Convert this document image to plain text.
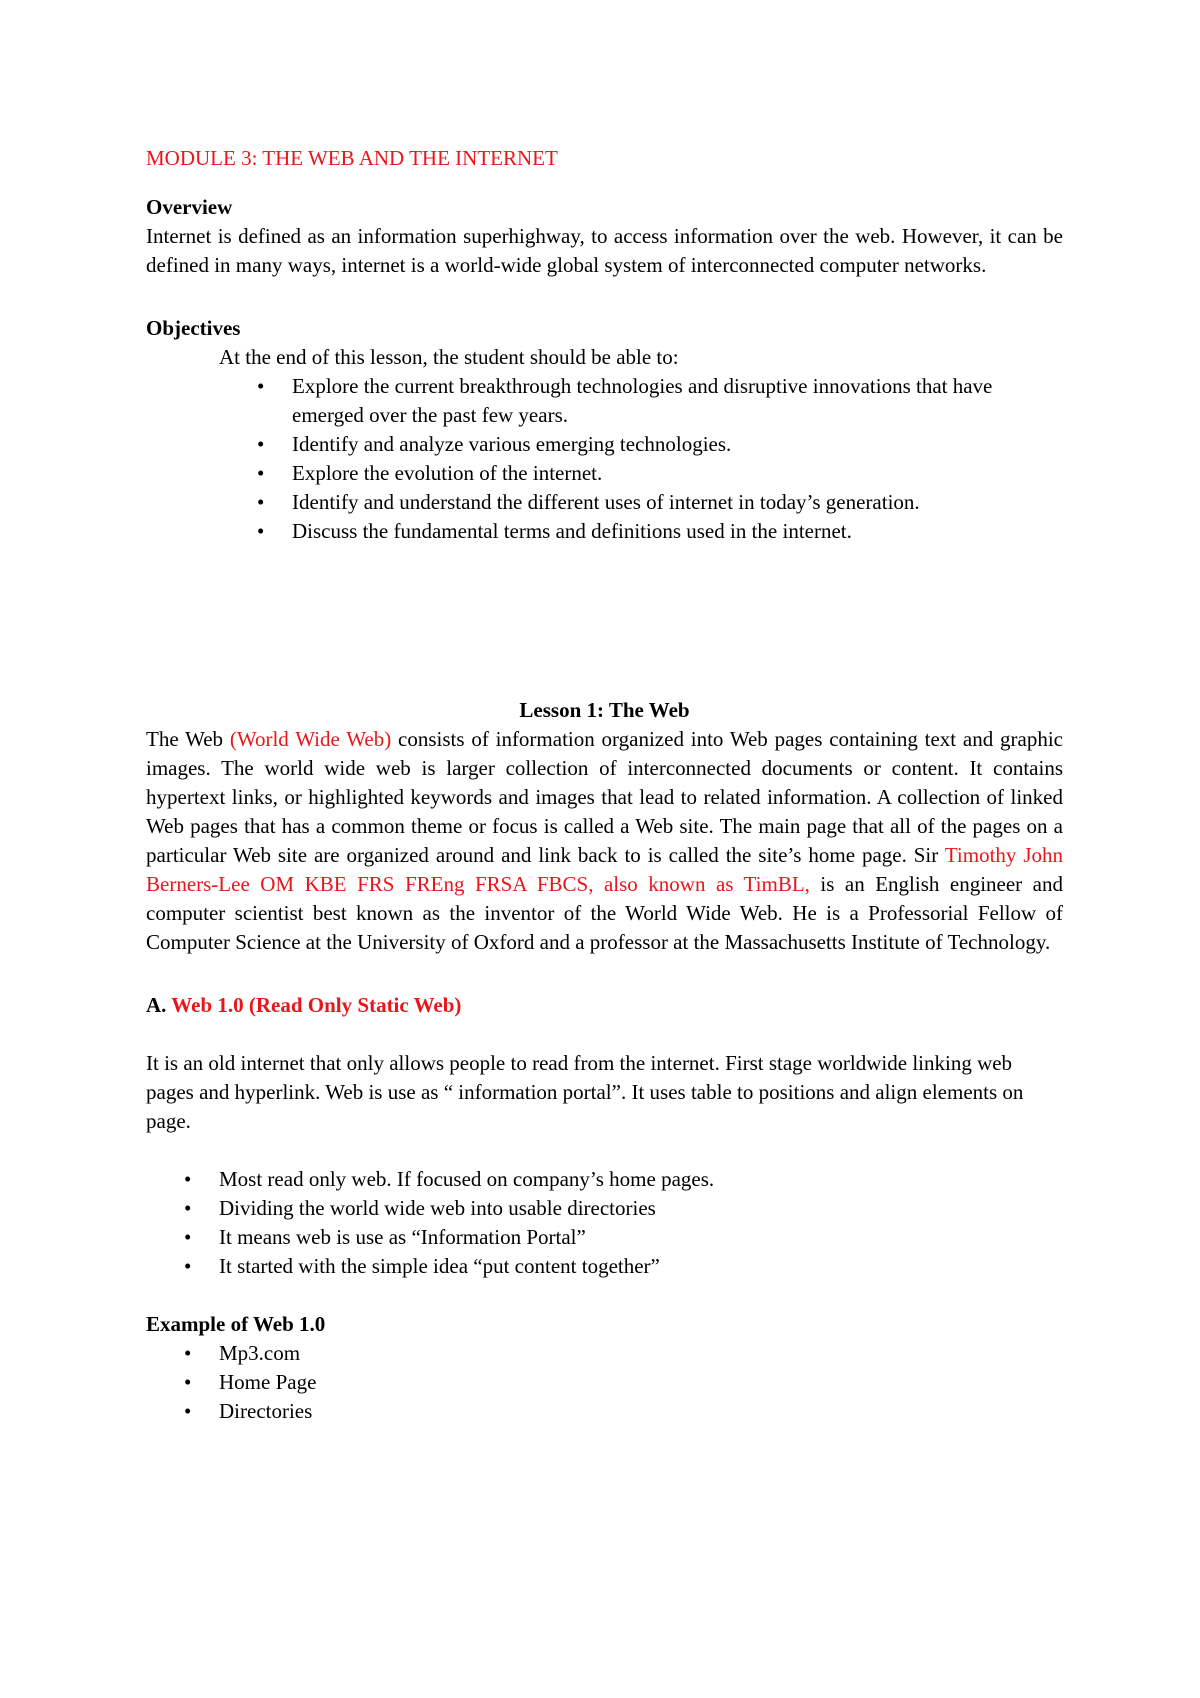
MODULE 3: THE WEB AND THE INTERNET

Overview

Internet is defined as an information superhighway, to access information over the web. However, it can be defined in many ways, internet is a world-wide global system of interconnected computer networks.

Objectives

At the end of this lesson, the student should be able to:

•	Explore the current breakthrough technologies and disruptive innovations that have emerged over the past few years.
•	Identify and analyze various emerging technologies.
•	Explore the evolution of the internet.
•	Identify and understand the different uses of internet in today’s generation.
•	Discuss the fundamental terms and definitions used in the internet.

Lesson 1: The Web

The Web (World Wide Web) consists of information organized into Web pages containing text and graphic images. The world wide web is larger collection of interconnected documents or content. It contains hypertext links, or highlighted keywords and images that lead to related information. A collection of linked Web pages that has a common theme or focus is called a Web site. The main page that all of the pages on a particular Web site are organized around and link back to is called the site’s home page. Sir Timothy John Berners-Lee OM KBE FRS FREng FRSA FBCS, also known as TimBL, is an English engineer and computer scientist best known as the inventor of the World Wide Web. He is a Professorial Fellow of Computer Science at the University of Oxford and a professor at the Massachusetts Institute of Technology.

A. Web 1.0 (Read Only Static Web)

It is an old internet that only allows people to read from the internet. First stage worldwide linking web pages and hyperlink. Web is use as “ information portal”. It uses table to positions and align elements on page.

•	Most read only web. If focused on company’s home pages.
•	Dividing the world wide web into usable directories
•	It means web is use as “Information Portal”
•	It started with the simple idea “put content together”

Example of Web 1.0

•	Mp3.com
•	Home Page
•	Directories
